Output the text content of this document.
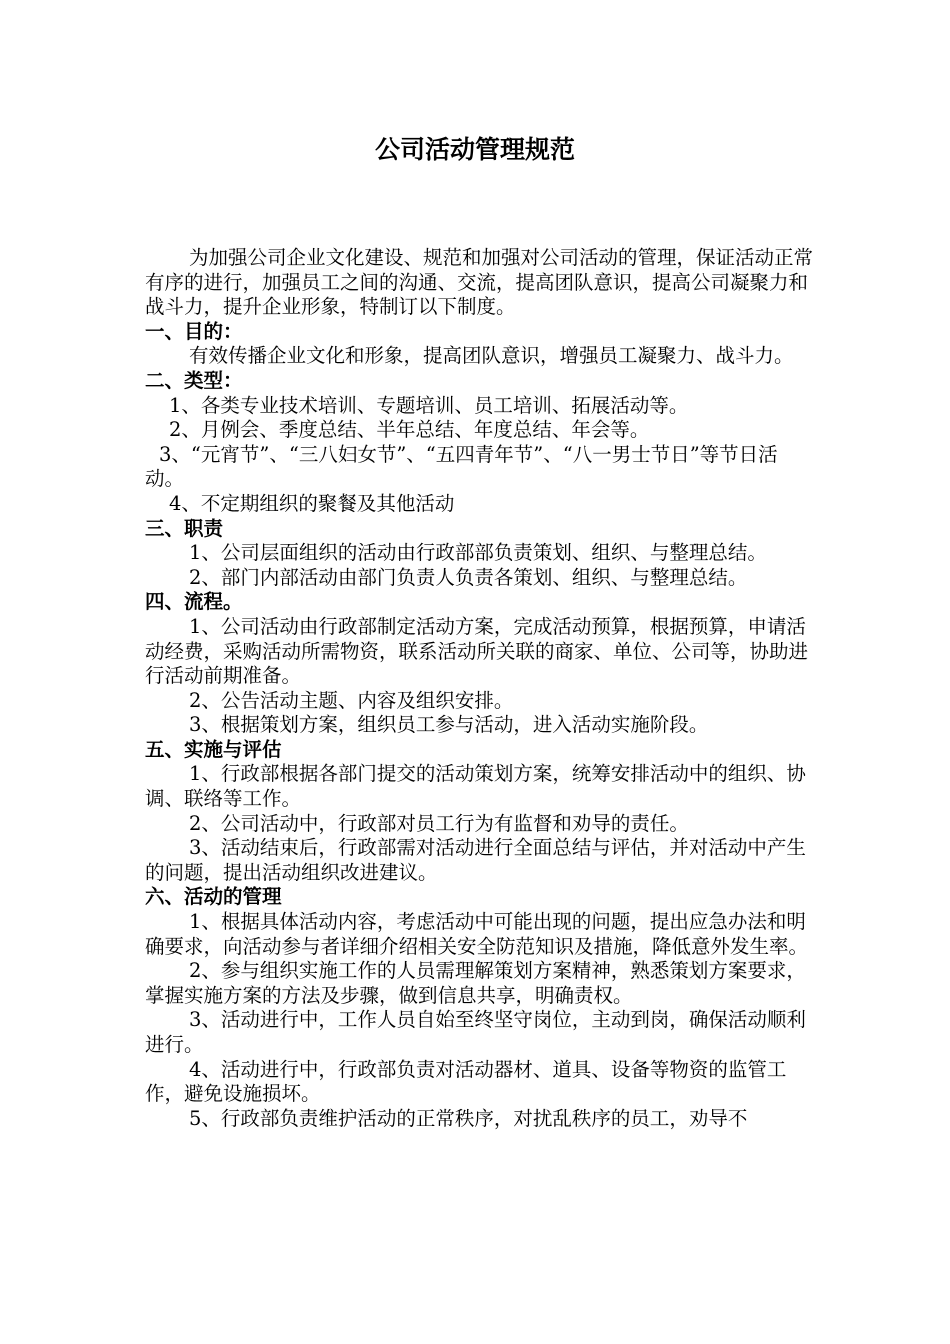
公司活动管理规范

为加强公司企业文化建设、规范和加强对公司活动的管理，保证活动正常有序的进行，加强员工之间的沟通、交流，提高团队意识，提高公司凝聚力和战斗力，提升企业形象，特制订以下制度。

一、目的：

有效传播企业文化和形象，提高团队意识，增强员工凝聚力、战斗力。

二、类型：

1、各类专业技术培训、专题培训、员工培训、拓展活动等。

2、月例会、季度总结、半年总结、年度总结、年会等。

3、“元宵节”、“三八妇女节”、“五四青年节”、“八一男士节日”等节日活动。

4、不定期组织的聚餐及其他活动

三、职责

1、公司层面组织的活动由行政部部负责策划、组织、与整理总结。

2、部门内部活动由部门负责人负责各策划、组织、与整理总结。

四、流程。

1、公司活动由行政部制定活动方案，完成活动预算，根据预算，申请活动经费，采购活动所需物资，联系活动所关联的商家、单位、公司等，协助进行活动前期准备。

2、公告活动主题、内容及组织安排。

3、根据策划方案，组织员工参与活动，进入活动实施阶段。

五、实施与评估

1、行政部根据各部门提交的活动策划方案，统筹安排活动中的组织、协调、联络等工作。

2、公司活动中，行政部对员工行为有监督和劝导的责任。

3、活动结束后，行政部需对活动进行全面总结与评估，并对活动中产生的问题，提出活动组织改进建议。

六、活动的管理

1、根据具体活动内容，考虑活动中可能出现的问题，提出应急办法和明确要求，向活动参与者详细介绍相关安全防范知识及措施，降低意外发生率。

2、参与组织实施工作的人员需理解策划方案精神，熟悉策划方案要求，掌握实施方案的方法及步骤，做到信息共享，明确责权。

3、活动进行中，工作人员自始至终坚守岗位，主动到岗，确保活动顺利进行。

4、活动进行中，行政部负责对活动器材、道具、设备等物资的监管工作，避免设施损坏。

5、行政部负责维护活动的正常秩序，对扰乱秩序的员工，劝导不
